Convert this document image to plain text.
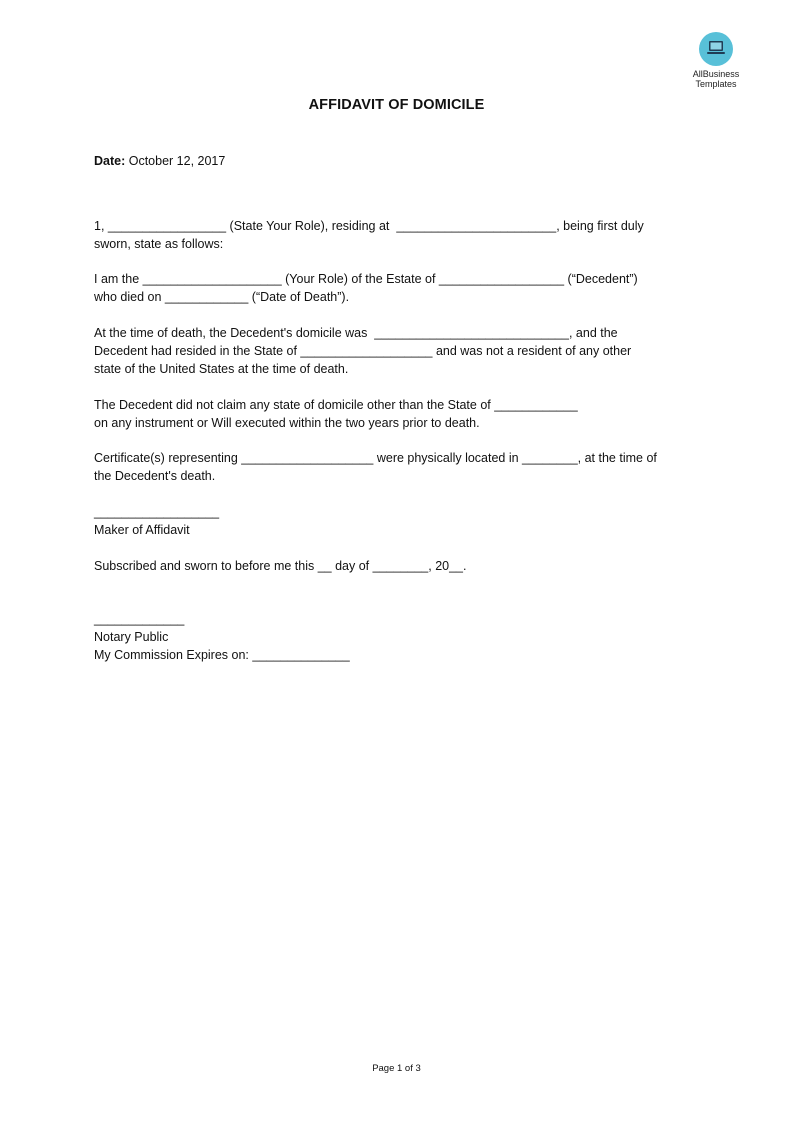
AllBusiness
Templates
AFFIDAVIT OF DOMICILE
Date: October 12, 2017
1, _________________ (State Your Role), residing at  _______________________, being first duly
sworn, state as follows:
I am the ____________________ (Your Role) of the Estate of __________________ (“Decedent”)
who died on ____________ (“Date of Death”).
At the time of death, the Decedent's domicile was  ____________________________, and the
Decedent had resided in the State of ___________________ and was not a resident of any other
state of the United States at the time of death.
The Decedent did not claim any state of domicile other than the State of ____________
on any instrument or Will executed within the two years prior to death.
Certificate(s) representing ___________________ were physically located in ________, at the time of
the Decedent's death.
__________________
Maker of Affidavit
Subscribed and sworn to before me this __ day of ________, 20__.
_____________
Notary Public
My Commission Expires on: ______________
Page 1 of 3
